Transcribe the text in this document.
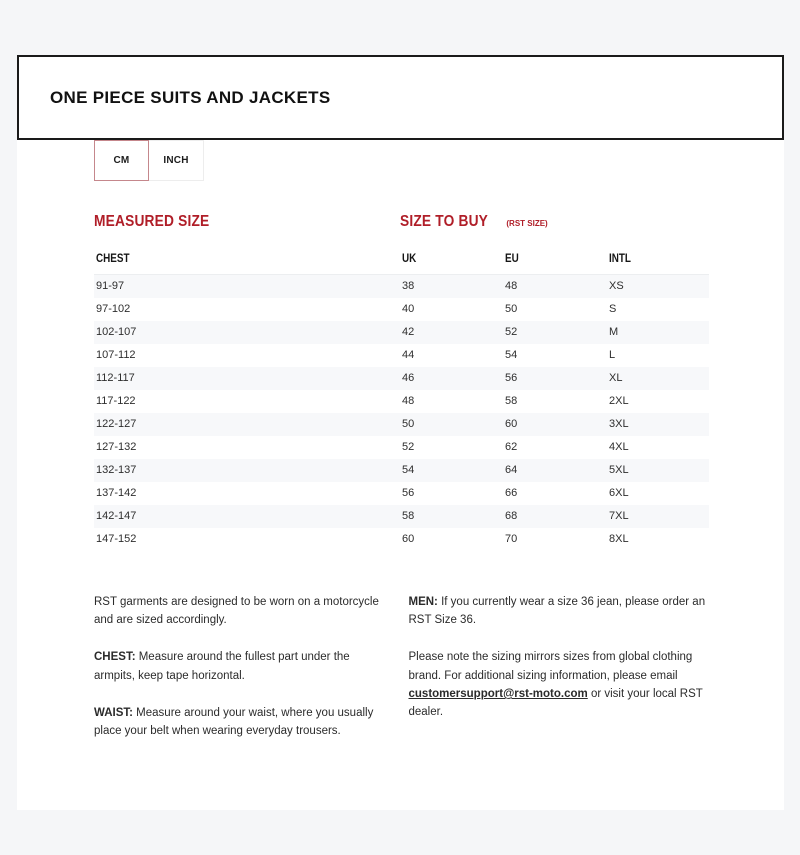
ONE PIECE SUITS AND JACKETS
CM	INCH
MEASURED SIZE	SIZE TO BUY (RST SIZE)
CHEST	UK	EU	INTL
91-97	38	48	XS
97-102	40	50	S
102-107	42	52	M
107-112	44	54	L
112-117	46	56	XL
117-122	48	58	2XL
122-127	50	60	3XL
127-132	52	62	4XL
132-137	54	64	5XL
137-142	56	66	6XL
142-147	58	68	7XL
147-152	60	70	8XL

RST garments are designed to be worn on a motorcycle and are sized accordingly.

CHEST: Measure around the fullest part under the armpits, keep tape horizontal.

WAIST: Measure around your waist, where you usually place your belt when wearing everyday trousers.

MEN: If you currently wear a size 36 jean, please order an RST Size 36.

Please note the sizing mirrors sizes from global clothing brand. For additional sizing information, please email customersupport@rst-moto.com or visit your local RST dealer.
